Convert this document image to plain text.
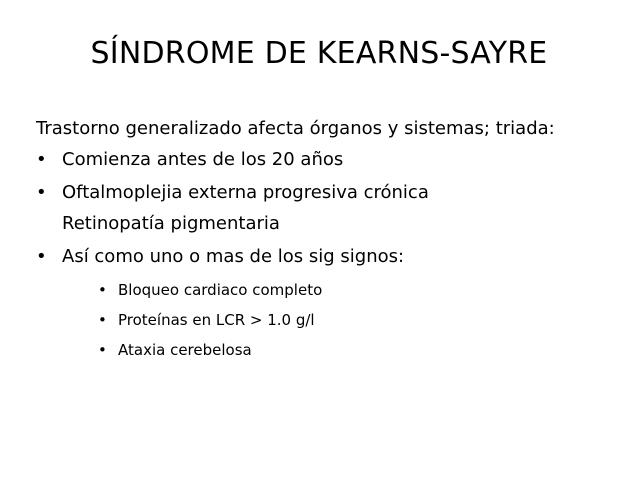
SÍNDROME DE KEARNS-SAYRE

Trastorno generalizado afecta órganos y sistemas; triada:

• Comienza antes de los 20 años
• Oftalmoplejia externa progresiva crónica
Retinopatía pigmentaria
• Así como uno o mas de los sig signos:
• Bloqueo cardiaco completo
• Proteínas en LCR > 1.0 g/l
• Ataxia cerebelosa
